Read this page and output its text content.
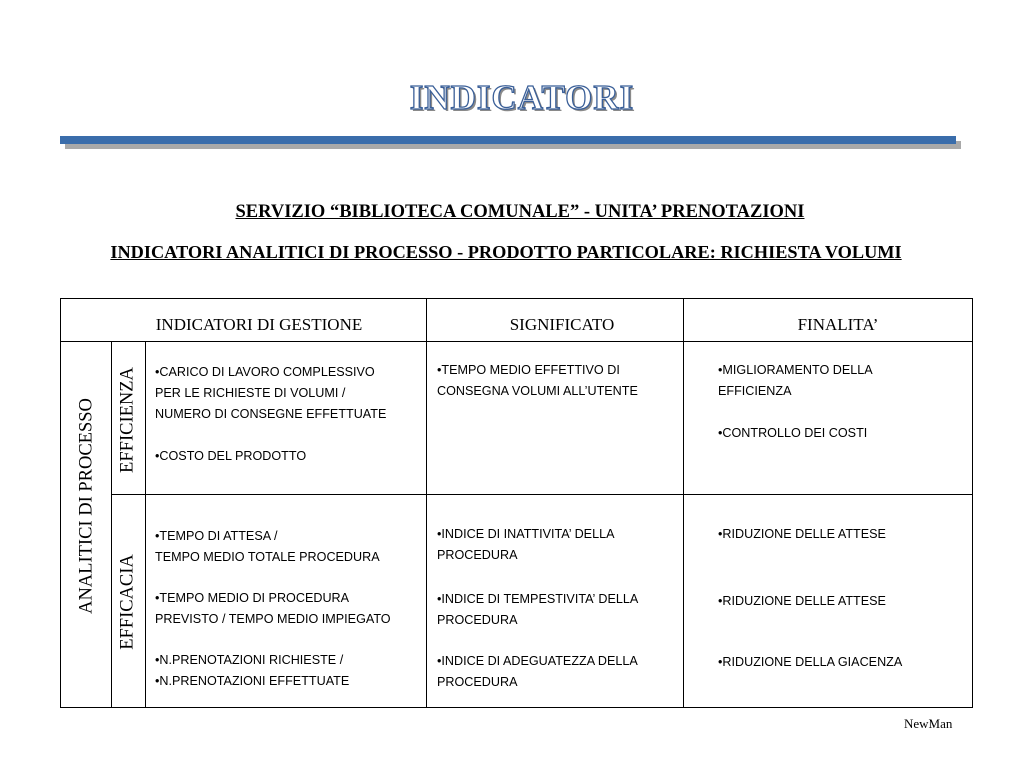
INDICATORI
SERVIZIO “BIBLIOTECA COMUNALE” - UNITA’ PRENOTAZIONI
INDICATORI ANALITICI DI PROCESSO - PRODOTTO PARTICOLARE: RICHIESTA VOLUMI
INDICATORI DI GESTIONE	SIGNIFICATO	FINALITA’
ANALITICI DI PROCESSO EFFICIENZA
EFFICACIA

•CARICO DI LAVORO COMPLESSIVO

PER LE RICHIESTE DI VOLUMI /

NUMERO DI CONSEGNE EFFETTUATE

•COSTO DEL PRODOTTO

•TEMPO MEDIO EFFETTIVO DI

CONSEGNA VOLUMI ALL’UTENTE

•MIGLIORAMENTO DELLA

EFFICIENZA

•CONTROLLO DEI COSTI

•TEMPO DI ATTESA /

TEMPO MEDIO TOTALE PROCEDURA

•TEMPO MEDIO DI PROCEDURA

PREVISTO / TEMPO MEDIO IMPIEGATO

•N.PRENOTAZIONI RICHIESTE /

•N.PRENOTAZIONI EFFETTUATE

•INDICE DI INATTIVITA’ DELLA

PROCEDURA

•INDICE DI TEMPESTIVITA’ DELLA

PROCEDURA

•INDICE DI ADEGUATEZZA DELLA

PROCEDURA

•RIDUZIONE DELLE ATTESE

•RIDUZIONE DELLE ATTESE

•RIDUZIONE DELLA GIACENZA

NewMan
